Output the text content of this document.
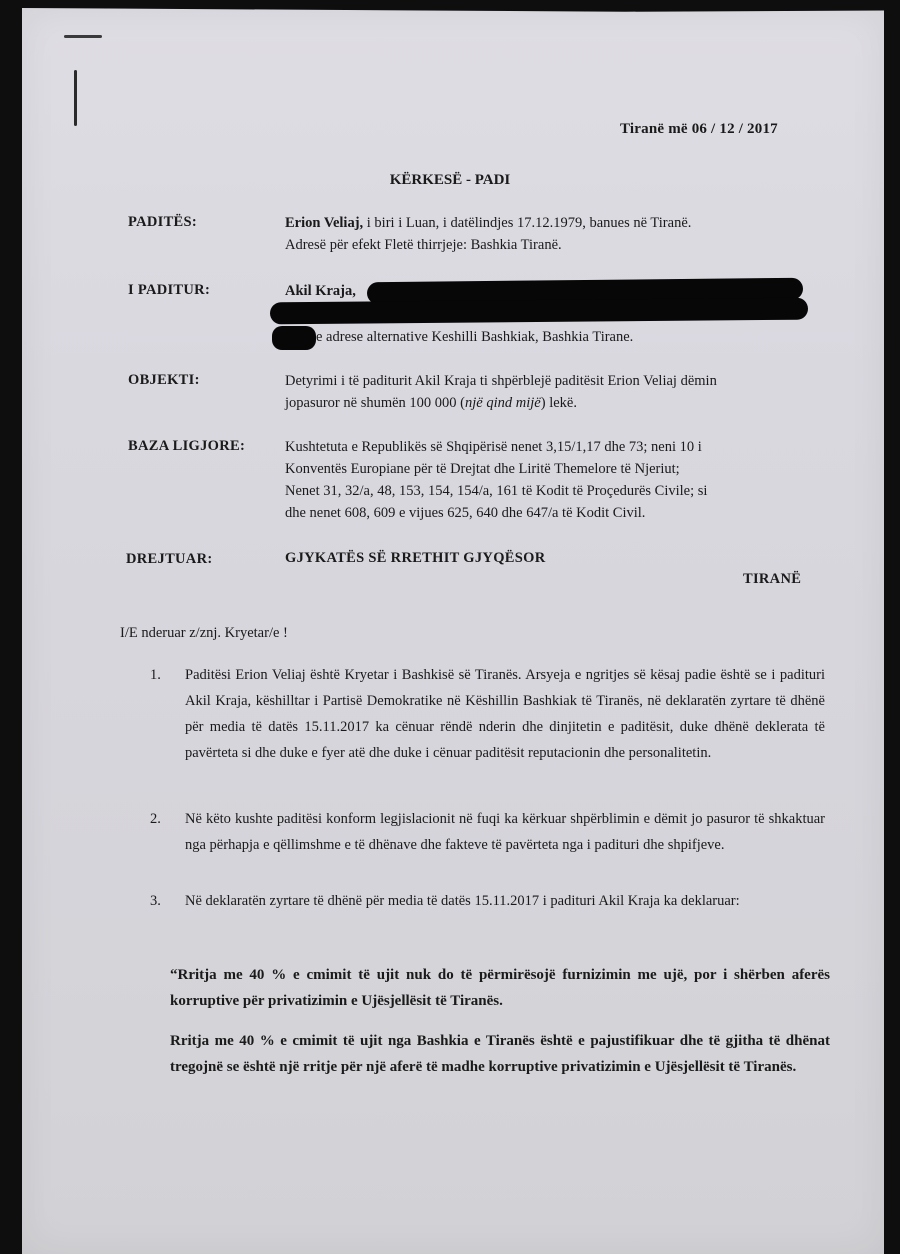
Tiranë më 06 / 12 / 2017
KËRKESË - PADI
PADITËS:	Erion Veliaj, i biri i Luan, i datëlindjes 17.12.1979, banues në Tiranë.
Adresë për efekt Fletë thirrjeje: Bashkia Tiranë.
I PADITUR:	Akil Kraja,
e adrese alternative Keshilli Bashkiak, Bashkia Tirane.
OBJEKTI:	Detyrimi i të paditurit Akil Kraja ti shpërblejë paditësit Erion Veliaj dëmin
jopasuror në shumën 100 000 (një qind mijë) lekë.
BAZA LIGJORE:	Kushtetuta e Republikës së Shqipërisë nenet 3,15/1,17 dhe 73; neni 10 i
Konventës Europiane për të Drejtat dhe Liritë Themelore të Njeriut;
Nenet 31, 32/a, 48, 153, 154, 154/a, 161 të Kodit të Proçedurës Civile; si
dhe nenet 608, 609 e vijues 625, 640 dhe 647/a të Kodit Civil.
DREJTUAR:	GJYKATËS SË RRETHIT GJYQËSOR
TIRANË
I/E nderuar z/znj. Kryetar/e !
1. Paditësi Erion Veliaj është Kryetar i Bashkisë së Tiranës. Arsyeja e ngritjes së kësaj padie është se i padituri Akil Kraja, këshilltar i Partisë Demokratike në Këshillin Bashkiak të Tiranës, në deklaratën zyrtare të dhënë për media të datës 15.11.2017 ka cënuar rëndë nderin dhe dinjitetin e paditësit, duke dhënë deklerata të pavërteta si dhe duke e fyer atë dhe duke i cënuar paditësit reputacionin dhe personalitetin.
2. Në këto kushte paditësi konform legjislacionit në fuqi ka kërkuar shpërblimin e dëmit jo pasuror të shkaktuar nga përhapja e qëllimshme e të dhënave dhe fakteve të pavërteta nga i padituri dhe shpifjeve.
3. Në deklaratën zyrtare të dhënë për media të datës 15.11.2017 i padituri Akil Kraja ka deklaruar:
“Rritja me 40 % e cmimit të ujit nuk do të përmirësojë furnizimin me ujë, por i shërben aferës korruptive për privatizimin e Ujësjellësit të Tiranës.
Rritja me 40 % e cmimit të ujit nga Bashkia e Tiranës është e pajustifikuar dhe të gjitha të dhënat tregojnë se është një rritje për një aferë të madhe korruptive privatizimin e Ujësjellësit të Tiranës.
